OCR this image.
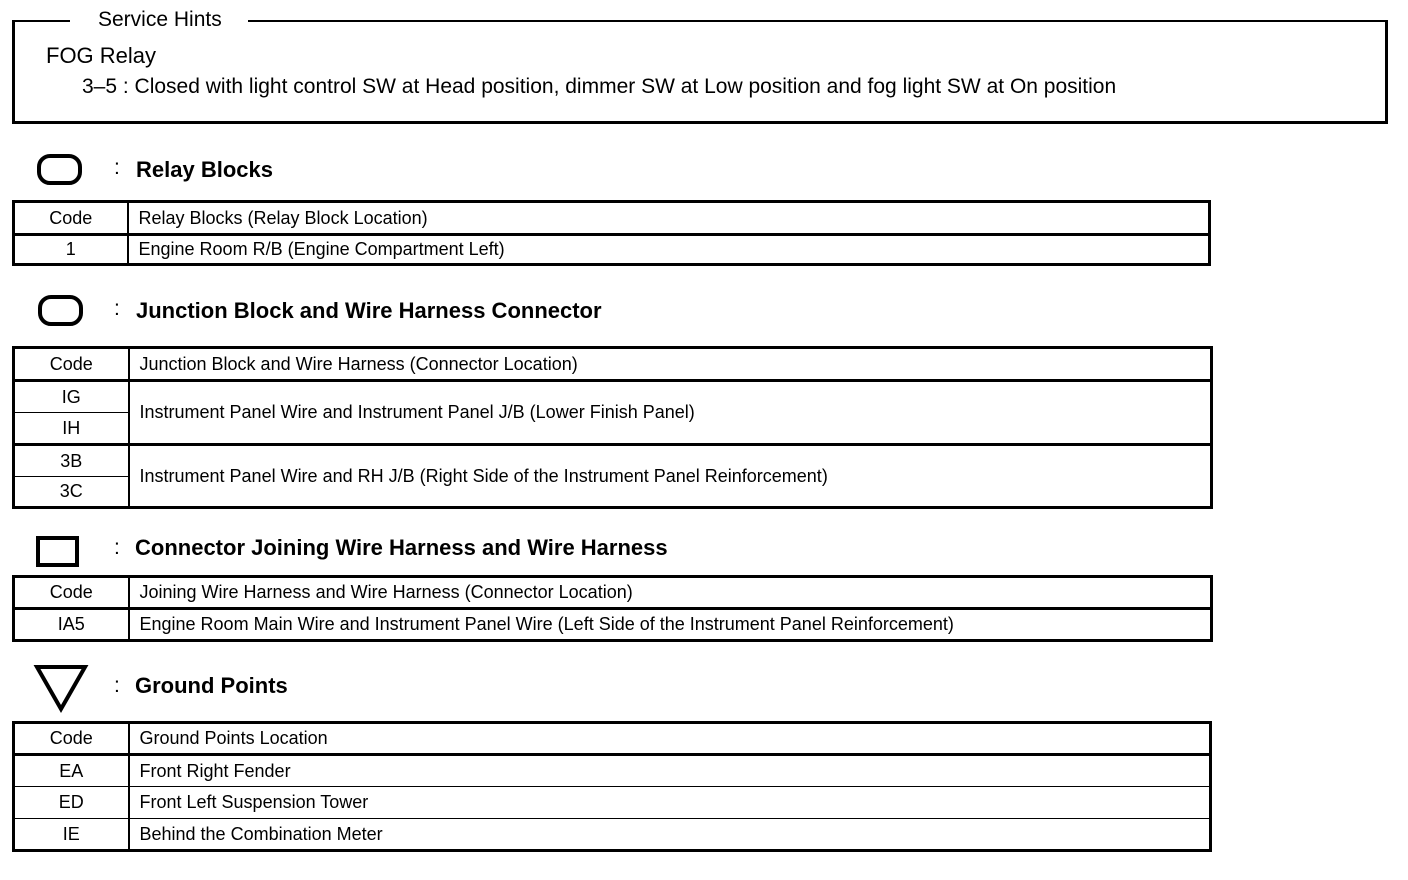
Service Hints
FOG Relay
3–5 : Closed with light control SW at Head position, dimmer SW at Low position and fog light SW at On position
: Relay Blocks
Code	Relay Blocks (Relay Block Location)
1	Engine Room R/B (Engine Compartment Left)
: Junction Block and Wire Harness Connector
Code	Junction Block and Wire Harness (Connector Location)
IG	Instrument Panel Wire and Instrument Panel J/B (Lower Finish Panel)
IH	
3B	Instrument Panel Wire and RH J/B (Right Side of the Instrument Panel Reinforcement)
3C	
: Connector Joining Wire Harness and Wire Harness
Code	Joining Wire Harness and Wire Harness (Connector Location)
IA5	Engine Room Main Wire and Instrument Panel Wire (Left Side of the Instrument Panel Reinforcement)
: Ground Points
Code	Ground Points Location
EA	Front Right Fender
ED	Front Left Suspension Tower
IE	Behind the Combination Meter
